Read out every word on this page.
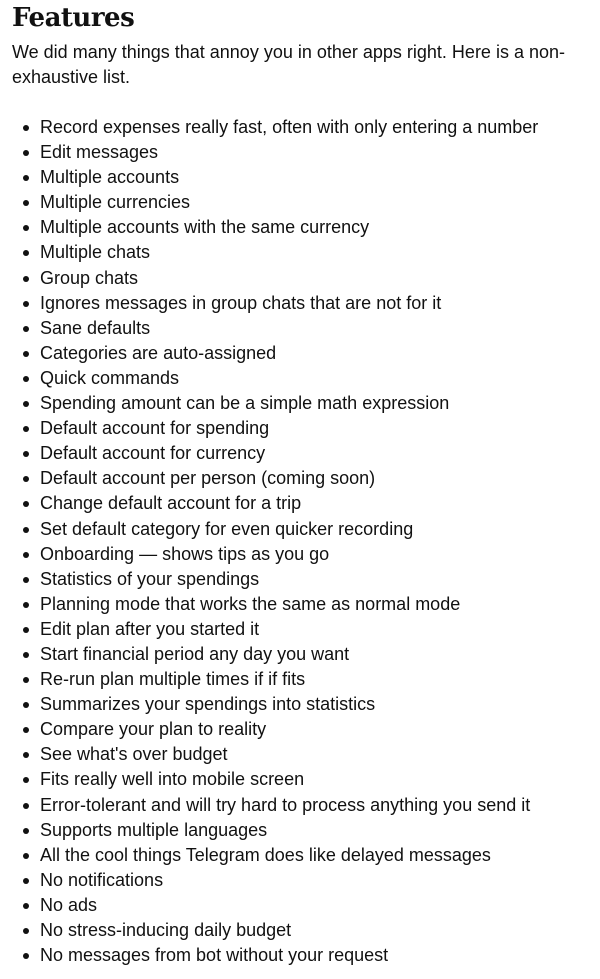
Features

We did many things that annoy you in other apps right. Here is a non-exhaustive list.

Record expenses really fast, often with only entering a number
Edit messages
Multiple accounts
Multiple currencies
Multiple accounts with the same currency
Multiple chats
Group chats
Ignores messages in group chats that are not for it
Sane defaults
Categories are auto-assigned
Quick commands
Spending amount can be a simple math expression
Default account for spending
Default account for currency
Default account per person (coming soon)
Change default account for a trip
Set default category for even quicker recording
Onboarding — shows tips as you go
Statistics of your spendings
Planning mode that works the same as normal mode
Edit plan after you started it
Start financial period any day you want
Re-run plan multiple times if if fits
Summarizes your spendings into statistics
Compare your plan to reality
See what's over budget
Fits really well into mobile screen
Error-tolerant and will try hard to process anything you send it
Supports multiple languages
All the cool things Telegram does like delayed messages
No notifications
No ads
No stress-inducing daily budget
No messages from bot without your request
